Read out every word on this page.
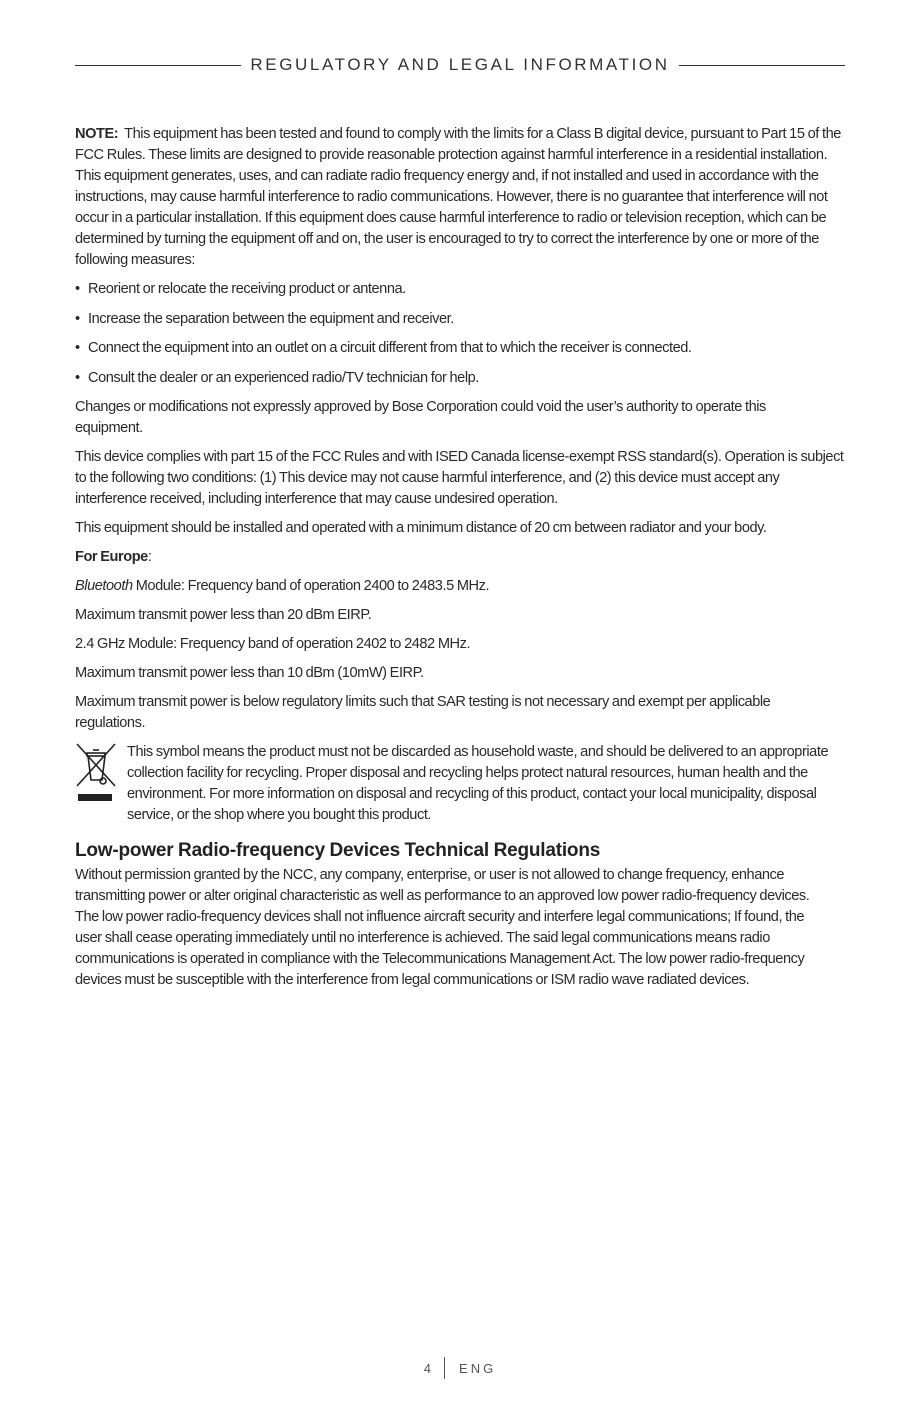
REGULATORY AND LEGAL INFORMATION

NOTE: This equipment has been tested and found to comply with the limits for a Class B digital device, pursuant to Part 15 of the FCC Rules. These limits are designed to provide reasonable protection against harmful interference in a residential installation. This equipment generates, uses, and can radiate radio frequency energy and, if not installed and used in accordance with the instructions, may cause harmful interference to radio communications. However, there is no guarantee that interference will not occur in a particular installation. If this equipment does cause harmful interference to radio or television reception, which can be determined by turning the equipment off and on, the user is encouraged to try to correct the interference by one or more of the following measures:

• Reorient or relocate the receiving product or antenna.
• Increase the separation between the equipment and receiver.
• Connect the equipment into an outlet on a circuit different from that to which the receiver is connected.
• Consult the dealer or an experienced radio/TV technician for help.

Changes or modifications not expressly approved by Bose Corporation could void the user’s authority to operate this equipment.

This device complies with part 15 of the FCC Rules and with ISED Canada license-exempt RSS standard(s). Operation is subject to the following two conditions: (1) This device may not cause harmful interference, and (2) this device must accept any interference received, including interference that may cause undesired operation.

This equipment should be installed and operated with a minimum distance of 20 cm between radiator and your body.

For Europe:

Bluetooth Module: Frequency band of operation 2400 to 2483.5 MHz.

Maximum transmit power less than 20 dBm EIRP.

2.4 GHz Module: Frequency band of operation 2402 to 2482 MHz.

Maximum transmit power less than 10 dBm (10mW) EIRP.

Maximum transmit power is below regulatory limits such that SAR testing is not necessary and exempt per applicable regulations.

This symbol means the product must not be discarded as household waste, and should be delivered to an appropriate collection facility for recycling. Proper disposal and recycling helps protect natural resources, human health and the environment. For more information on disposal and recycling of this product, contact your local municipality, disposal service, or the shop where you bought this product.
Low-power Radio-frequency Devices Technical Regulations

Without permission granted by the NCC, any company, enterprise, or user is not allowed to change frequency, enhance transmitting power or alter original characteristic as well as performance to an approved low power radio-frequency devices. The low power radio-frequency devices shall not influence aircraft security and interfere legal communications; If found, the user shall cease operating immediately until no interference is achieved. The said legal communications means radio communications is operated in compliance with the Telecommunications Management Act. The low power radio-frequency devices must be susceptible with the interference from legal communications or ISM radio wave radiated devices.

4 ENG
